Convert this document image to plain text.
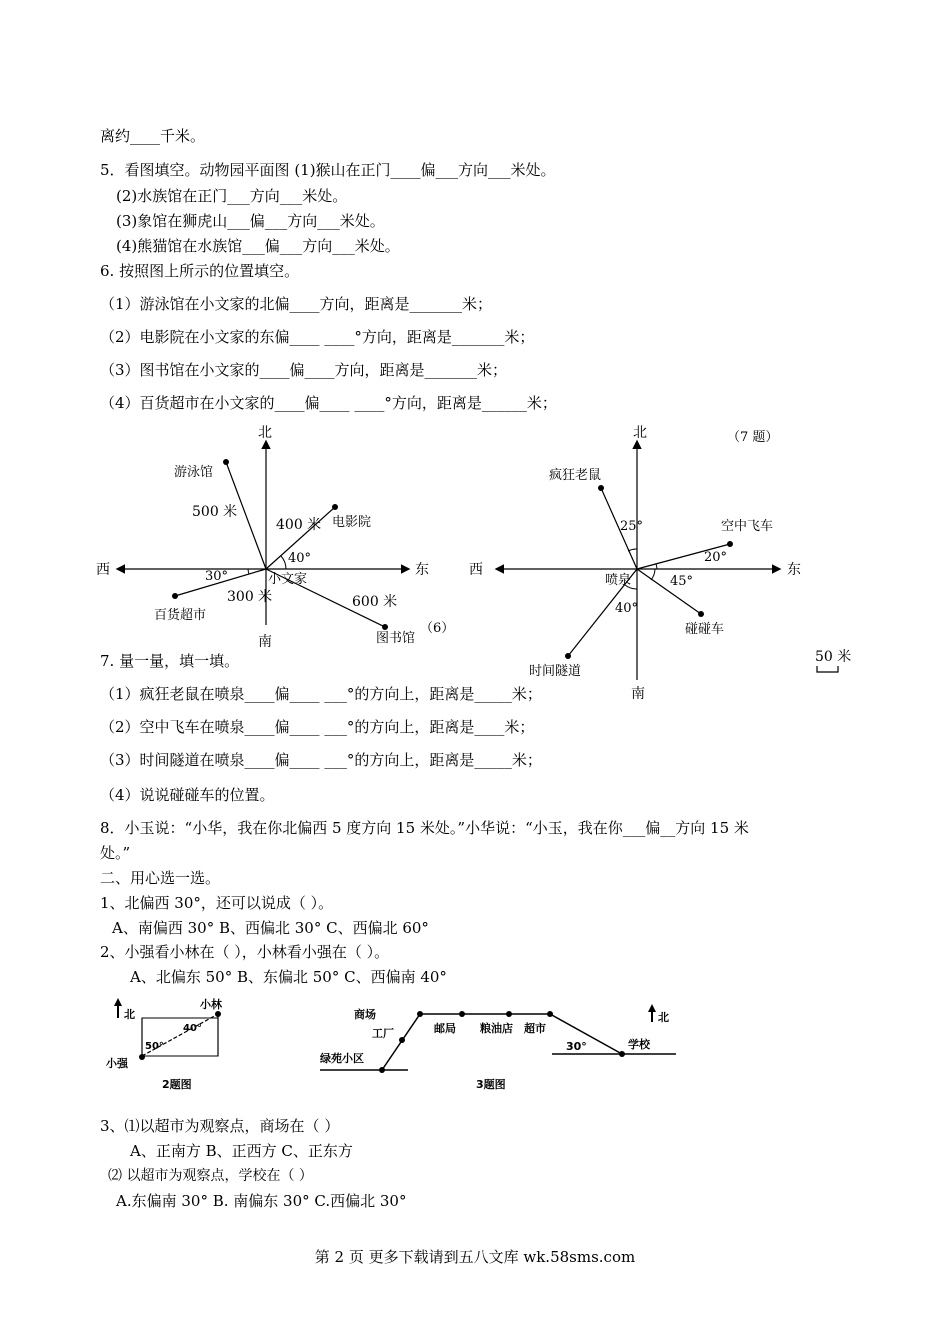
离约____千米。
5．看图填空。动物园平面图 (1)猴山在正门____偏___方向___米处。
(2)水族馆在正门___方向___米处。
(3)象馆在狮虎山___偏___方向___米处。
(4)熊猫馆在水族馆___偏___方向___米处。
6. 按照图上所示的位置填空。
（1）游泳馆在小文家的北偏____方向，距离是_______米；
（2）电影院在小文家的东偏____ ____°方向，距离是_______米；
（3）图书馆在小文家的____偏____方向，距离是_______米；
（4）百货超市在小文家的____偏____ ____°方向，距离是______米；
7. 量一量，填一填。
（1）疯狂老鼠在喷泉____偏____ ___°的方向上，距离是_____米；
（2）空中飞车在喷泉____偏____ ___°的方向上，距离是____米；
（3）时间隧道在喷泉____偏____ ___°的方向上，距离是_____米；
（4）说说碰碰车的位置。
8．小玉说：“小华，我在你北偏西 5 度方向 15 米处。”小华说：“小玉，我在你___偏__方向 15 米
处。”
二、用心选一选。
1、北偏西 30°，还可以说成（ ）。
A、南偏西 30° B、西偏北 30° C、西偏北 60°
2、小强看小林在（ ），小林看小强在（ ）。
A、北偏东 50° B、东偏北 50° C、西偏南 40°
3、⑴以超市为观察点，商场在（ ）
A、正南方 B、正西方 C、正东方
⑵ 以超市为观察点，学校在（ ）
A.东偏南 30° B. 南偏东 30° C.西偏北 30°
第 2 页 更多下载请到五八文库 wk.58sms.com
北
南
西	东
小文家
游泳馆
500 米
电影院
400 米
40°
百货超市
300 米
30°
图书馆
600 米
（6）
北
南
西	东
喷泉
（7 题）
疯狂老鼠
25°	空中飞车
20°
碰碰车
45°
时间隧道
40°
50 米
北
小林
小强
40°
50°
2题图
商场
邮局 粮油店 超市
工厂
绿苑小区
学校
30°
北
3题图
